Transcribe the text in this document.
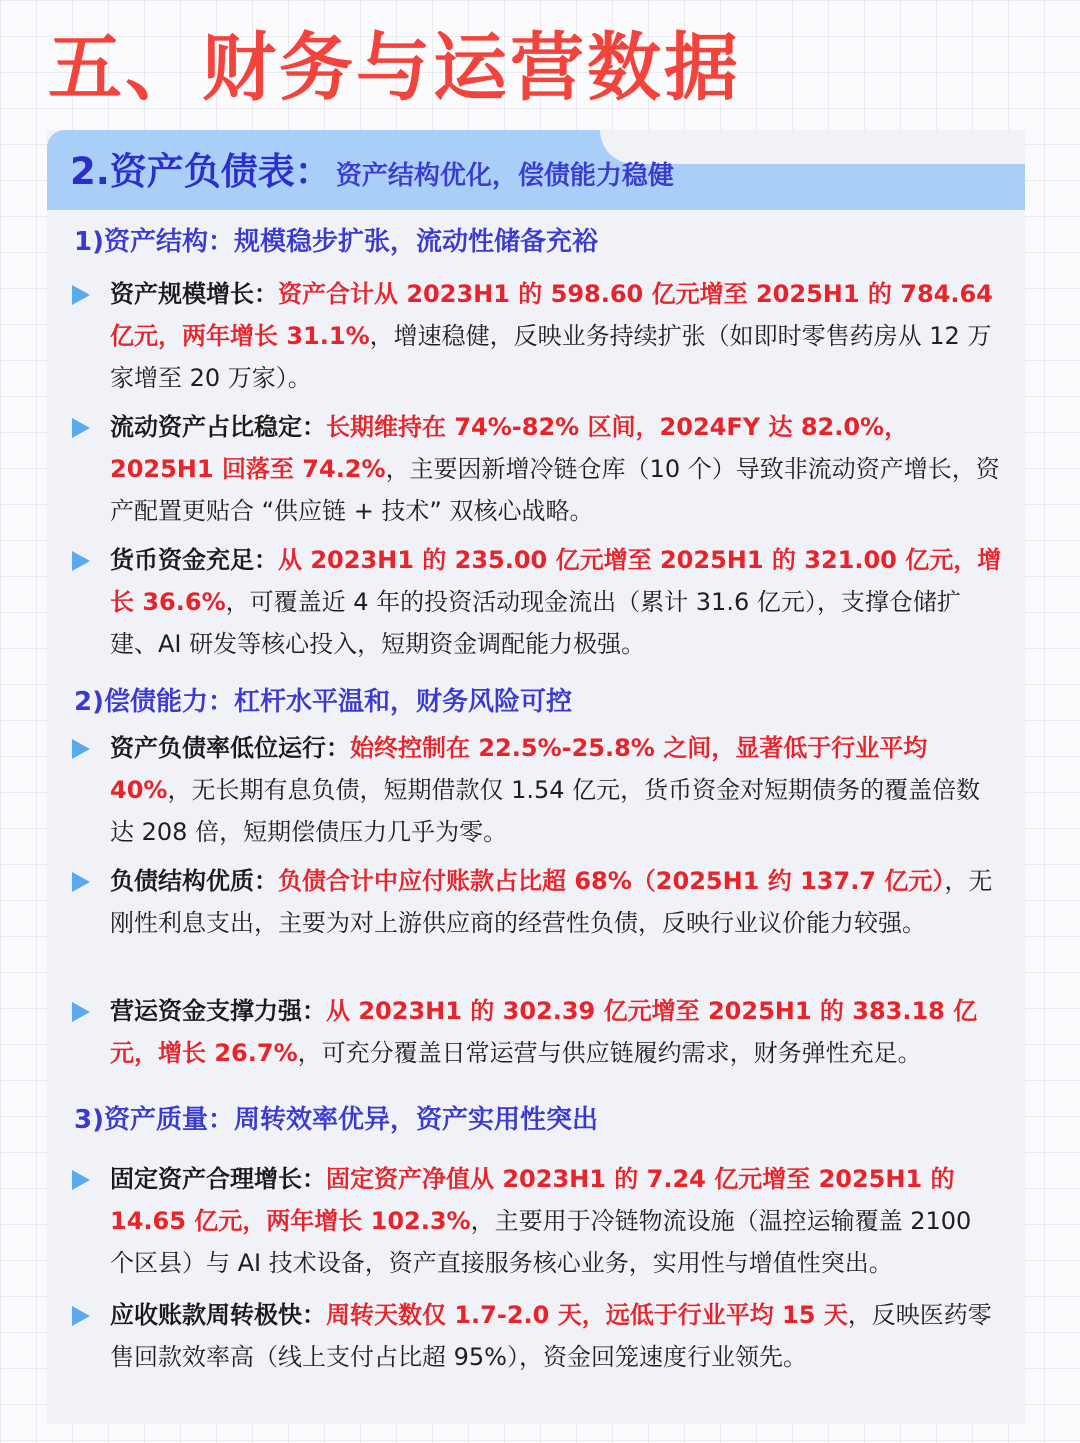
五、财务与运营数据
2.资产负债表： 资产结构优化，偿债能力稳健
1)资产结构：规模稳步扩张，流动性储备充裕

资产规模增长：资产合计从 2023H1 的 598.60 亿元增至 2025H1 的 784.64 亿元，两年增长 31.1%，增速稳健，反映业务持续扩张（如即时零售药房从 12 万家增至 20 万家）。

流动资产占比稳定：长期维持在 74%-82% 区间，2024FY 达 82.0%，2025H1 回落至 74.2%，主要因新增冷链仓库（10 个）导致非流动资产增长，资产配置更贴合 “供应链 + 技术” 双核心战略。

货币资金充足：从 2023H1 的 235.00 亿元增至 2025H1 的 321.00 亿元，增长 36.6%，可覆盖近 4 年的投资活动现金流出（累计 31.6 亿元），支撑仓储扩建、AI 研发等核心投入，短期资金调配能力极强。

2)偿债能力：杠杆水平温和，财务风险可控

资产负债率低位运行：始终控制在 22.5%-25.8% 之间，显著低于行业平均 40%，无长期有息负债，短期借款仅 1.54 亿元，货币资金对短期债务的覆盖倍数达 208 倍，短期偿债压力几乎为零。

负债结构优质：负债合计中应付账款占比超 68%（2025H1 约 137.7 亿元），无刚性利息支出，主要为对上游供应商的经营性负债，反映行业议价能力较强。

营运资金支撑力强：从 2023H1 的 302.39 亿元增至 2025H1 的 383.18 亿元，增长 26.7%，可充分覆盖日常运营与供应链履约需求，财务弹性充足。

3)资产质量：周转效率优异，资产实用性突出

固定资产合理增长：固定资产净值从 2023H1 的 7.24 亿元增至 2025H1 的 14.65 亿元，两年增长 102.3%，主要用于冷链物流设施（温控运输覆盖 2100 个区县）与 AI 技术设备，资产直接服务核心业务，实用性与增值性突出。

应收账款周转极快：周转天数仅 1.7-2.0 天，远低于行业平均 15 天，反映医药零售回款效率高（线上支付占比超 95%），资金回笼速度行业领先。
